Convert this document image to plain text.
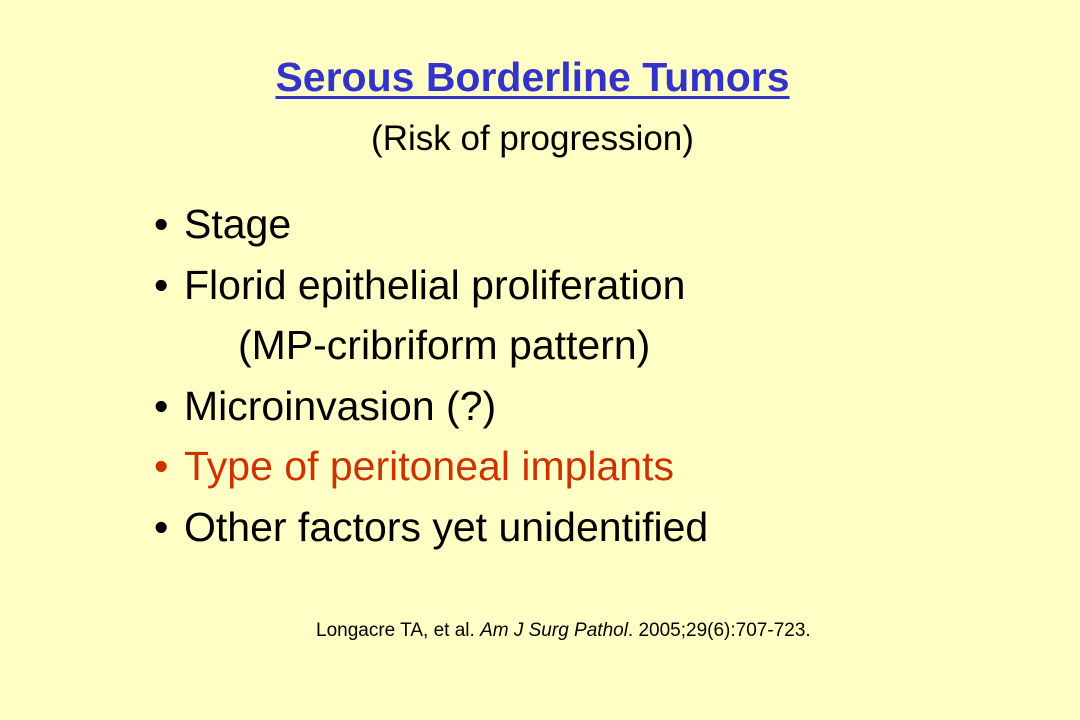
Serous Borderline Tumors
(Risk of progression)
• Stage
• Florid epithelial proliferation
(MP-cribriform pattern)
• Microinvasion (?)
• Type of peritoneal implants
• Other factors yet unidentified
Longacre TA, et al. Am J Surg Pathol. 2005;29(6):707-723.
